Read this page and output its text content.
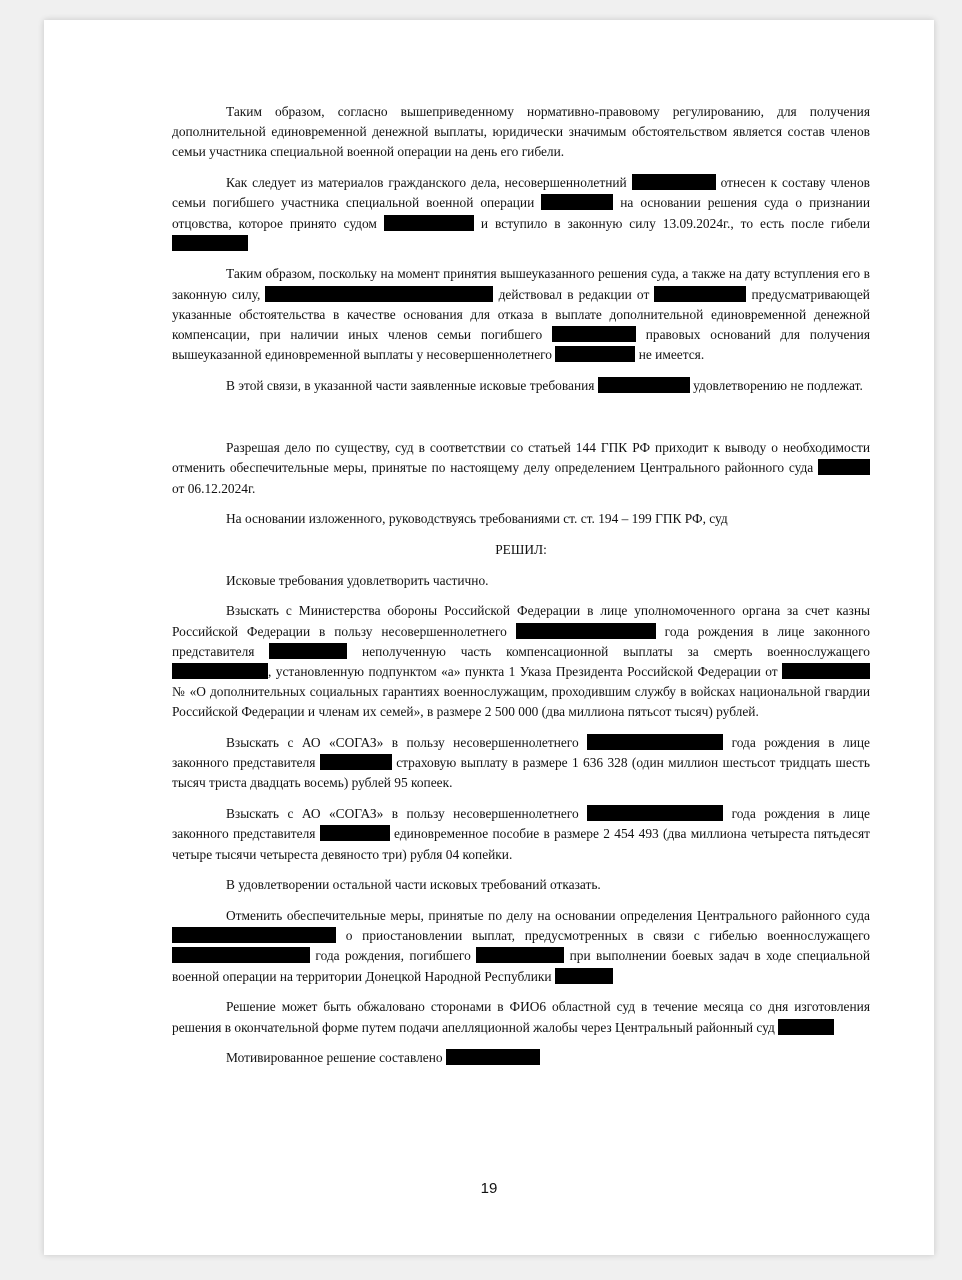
Таким образом, согласно вышеприведенному нормативно-правовому регулированию, для получения дополнительной единовременной денежной выплаты, юридически значимым обстоятельством является состав членов семьи участника специальной военной операции на день его гибели.

Как следует из материалов гражданского дела, несовершеннолетний	отнесен к составу членов семьи погибшего участника специальной военной операции	на основании решения суда о признании отцовства, которое принято судом	и вступило в законную силу 13.09.2024г., то есть после гибели

Таким образом, поскольку на момент принятия вышеуказанного решения суда, а также на дату вступления его в законную силу,	действовал в редакции от	предусматривающей указанные обстоятельства в качестве основания для отказа в выплате дополнительной единовременной денежной компенсации, при наличии иных членов семьи погибшего	правовых оснований для получения вышеуказанной единовременной выплаты у несовершеннолетнего	не имеется.

В этой связи, в указанной части заявленные исковые требования	удовлетворению не подлежат.

Разрешая дело по существу, суд в соответствии со статьей 144 ГПК РФ приходит к выводу о необходимости отменить обеспечительные меры, принятые по настоящему делу определением Центрального районного суда  от 06.12.2024г.

На основании изложенного, руководствуясь требованиями ст. ст. 194 – 199 ГПК РФ, суд

РЕШИЛ:

Исковые требования удовлетворить частично.

Взыскать с Министерства обороны Российской Федерации в лице уполномоченного органа за счет казны Российской Федерации в пользу несовершеннолетнего	года рождения в лице законного представителя	неполученную часть компенсационной выплаты за смерть военнослужащего , установленную подпунктом «а» пункта 1 Указа Президента Российской Федерации от  № «О дополнительных социальных гарантиях военнослужащим, проходившим службу в войсках национальной гвардии Российской Федерации и членам их семей», в размере 2 500 000 (два миллиона пятьсот тысяч) рублей.

Взыскать с АО «СОГАЗ» в пользу несовершеннолетнего	года рождения в лице законного представителя	страховую выплату в размере 1 636 328 (один миллион шестьсот тридцать шесть тысяч триста двадцать восемь) рублей 95 копеек.

Взыскать с АО «СОГАЗ» в пользу несовершеннолетнего	года рождения в лице законного представителя	единовременное пособие в размере 2 454 493 (два миллиона четыреста пятьдесят четыре тысячи четыреста девяносто три) рубля 04 копейки.

В удовлетворении остальной части исковых требований отказать.

Отменить обеспечительные меры, принятые по делу на основании определения Центрального районного суда  о приостановлении выплат, предусмотренных в связи с гибелью военнослужащего  года рождения, погибшего	при выполнении боевых задач в ходе специальной военной операции на территории Донецкой Народной Республики

Решение может быть обжаловано сторонами в ФИО6 областной суд в течение месяца со дня изготовления решения в окончательной форме путем подачи апелляционной жалобы через Центральный районный суд

Мотивированное решение составлено

19
